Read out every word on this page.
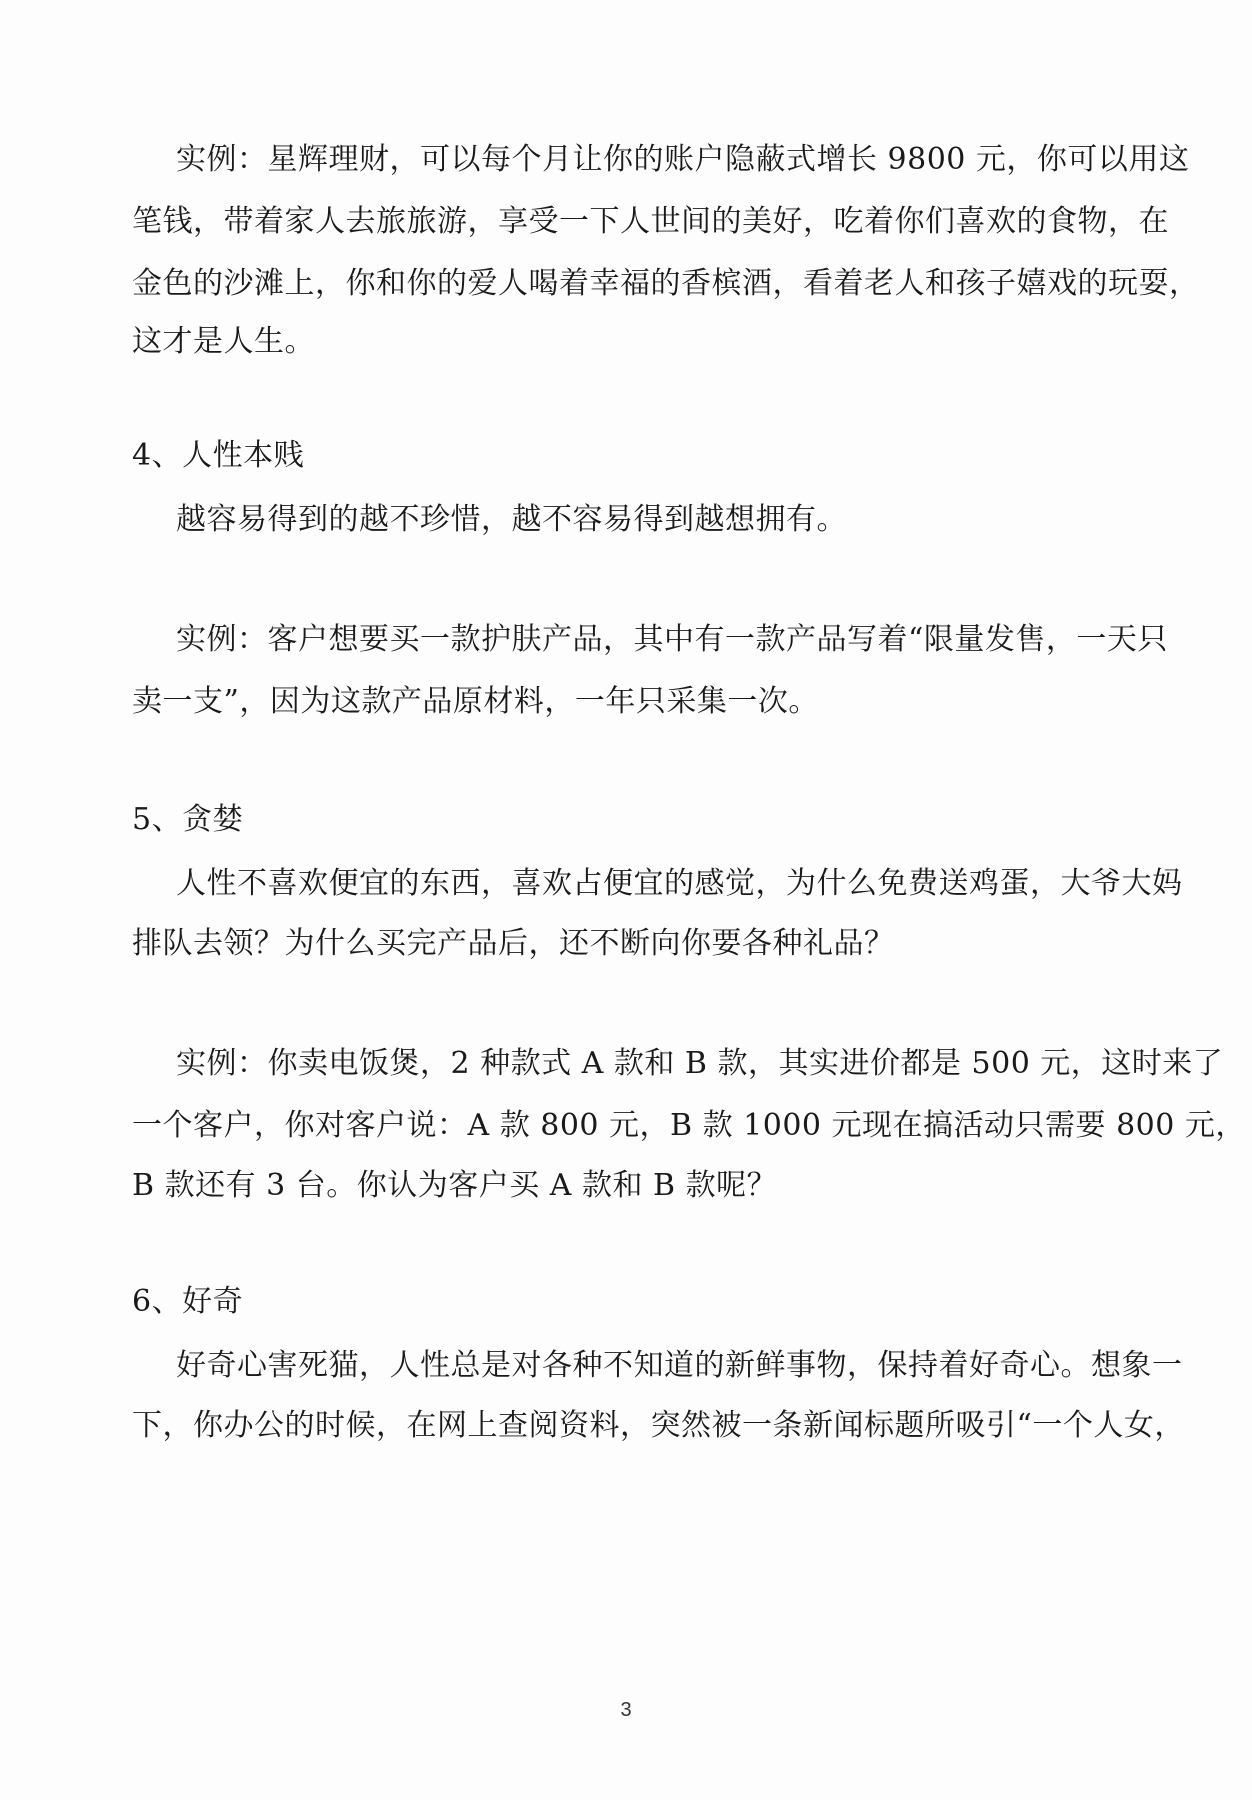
实例：星辉理财，可以每个月让你的账户隐蔽式增长 9800 元，你可以用这
笔钱，带着家人去旅旅游，享受一下人世间的美好，吃着你们喜欢的食物，在
金色的沙滩上，你和你的爱人喝着幸福的香槟酒，看着老人和孩子嬉戏的玩耍，
这才是人生。
4、人性本贱
越容易得到的越不珍惜，越不容易得到越想拥有。
实例：客户想要买一款护肤产品，其中有一款产品写着“限量发售，一天只
卖一支”，因为这款产品原材料，一年只采集一次。
5、贪婪
人性不喜欢便宜的东西，喜欢占便宜的感觉，为什么免费送鸡蛋，大爷大妈
排队去领？为什么买完产品后，还不断向你要各种礼品？
实例：你卖电饭煲，2 种款式 A 款和 B 款，其实进价都是 500 元，这时来了
一个客户，你对客户说：A 款 800 元，B 款 1000 元现在搞活动只需要 800 元，
B 款还有 3 台。你认为客户买 A 款和 B 款呢？
6、好奇
好奇心害死猫，人性总是对各种不知道的新鲜事物，保持着好奇心。想象一
下，你办公的时候，在网上查阅资料，突然被一条新闻标题所吸引“一个人女，
3
